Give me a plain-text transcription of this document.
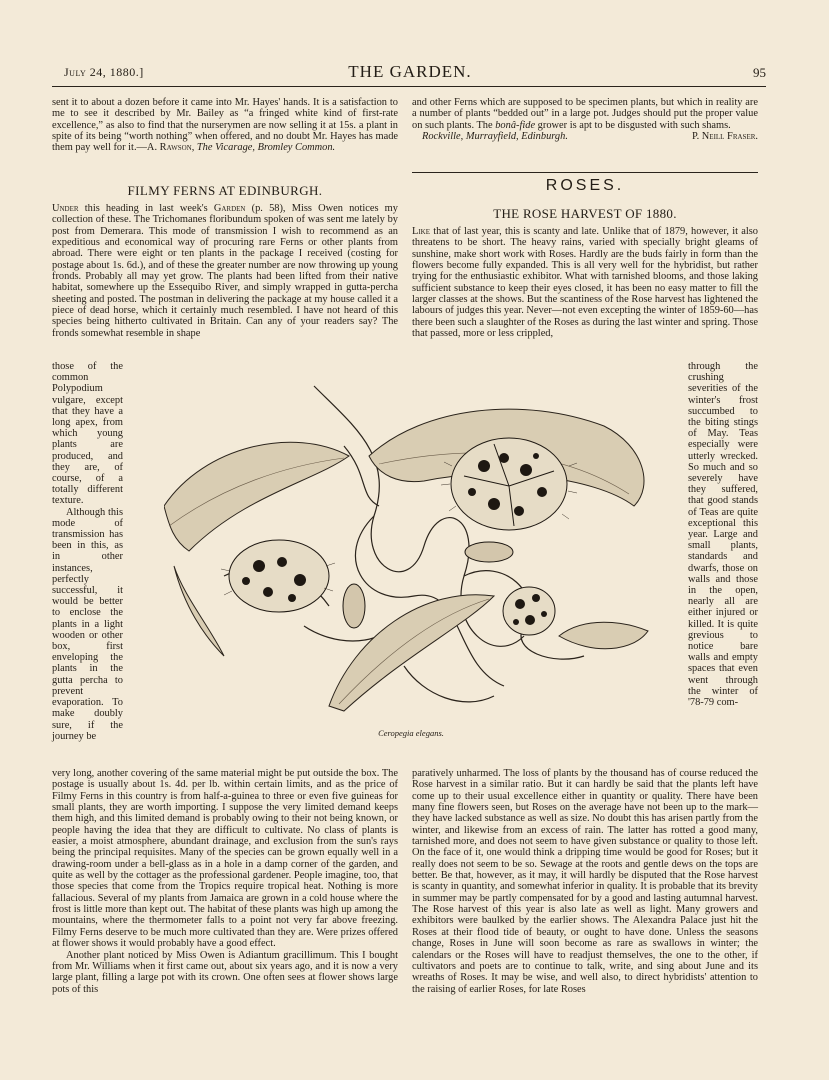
July 24, 1880.]	THE GARDEN.	95

sent it to about a dozen before it came into Mr. Hayes' hands. It is a satisfaction to me to see it described by Mr. Bailey as “a fringed white kind of first-rate excellence,” as also to find that the nurserymen are now selling it at 15s. a plant in spite of its being “worth nothing” when offered, and no doubt Mr. Hayes has made them pay well for it.—A. Rawson, The Vicarage, Bromley Common.

and other Ferns which are supposed to be specimen plants, but which in reality are a number of plants “bedded out” in a large pot. Judges should put the proper value on such plants. The bonâ-fide grower is apt to be disgusted with such shams.

Rockville, Murrayfield, Edinburgh.	P. Neill Fraser.

FILMY FERNS AT EDINBURGH.	ROSES.
THE ROSE HARVEST OF 1880.

Under this heading in last week's Garden (p. 58), Miss Owen notices my collection of these. The Trichomanes floribundum spoken of was sent me lately by post from Demerara. This mode of transmission I wish to recommend as an expeditious and economical way of procuring rare Ferns or other plants from abroad. There were eight or ten plants in the package I received (costing for postage about 1s. 6d.), and of these the greater number are now throwing up young fronds. Probably all may yet grow. The plants had been lifted from their native habitat, somewhere up the Essequibo River, and simply wrapped in gutta-percha sheeting and posted. The postman in delivering the package at my house called it a piece of dead horse, which it certainly much resembled. I have not heard of this species being hitherto cultivated in Britain. Can any of your readers say? The fronds somewhat resemble in shape

those of the common Polypodium vulgare, except that they have a long apex, from which young plants are produced, and they are, of course, of a totally different texture.

Although this mode of transmission has been in this, as in other instances, perfectly successful, it would be better to enclose the plants in a light wooden or other box, first enveloping the plants in the gutta percha to prevent evaporation. To make doubly sure, if the journey be

very long, another covering of the same material might be put outside the box. The postage is usually about 1s. 4d. per lb. within certain limits, and as the price of Filmy Ferns in this country is from half-a-guinea to three or even five guineas for small plants, they are worth importing. I suppose the very limited demand keeps them high, and this limited demand is probably owing to their not being known, or people having the idea that they are difficult to cultivate. No class of plants is easier, a moist atmosphere, abundant drainage, and exclusion from the sun's rays being the principal requisites. Many of the species can be grown equally well in a drawing-room under a bell-glass as in a hole in a damp corner of the garden, and quite as well by the cottager as the professional gardener. People imagine, too, that those species that come from the Tropics require tropical heat. Nothing is more fallacious. Several of my plants from Jamaica are grown in a cold house where the frost is little more than kept out. The habitat of these plants was high up among the mountains, where the thermometer falls to a point not very far above freezing. Filmy Ferns deserve to be much more cultivated than they are. Were prizes offered at flower shows it would probably have a good effect.

Another plant noticed by Miss Owen is Adiantum gracillimum. This I bought from Mr. Williams when it first came out, about six years ago, and it is now a very large plant, filling a large pot with its crown. One often sees at flower shows large pots of this

Like that of last year, this is scanty and late. Unlike that of 1879, however, it also threatens to be short. The heavy rains, varied with specially bright gleams of sunshine, make short work with Roses. Hardly are the buds fairly in form than the flowers become fully expanded. This is all very well for the hybridist, but rather trying for the enthusiastic exhibitor. What with tarnished blooms, and those laking sufficient substance to keep their eyes closed, it has been no easy matter to fill the larger classes at the shows. But the scantiness of the Rose harvest has lightened the labours of judges this year. Never—not even excepting the winter of 1859-60—has there been such a slaughter of the Roses as during the last winter and spring. Those that passed, more or less crippled,

through the crushing severities of the winter's frost succumbed to the biting stings of May. Teas especially were utterly wrecked. So much and so severely have they suffered, that good stands of Teas are quite exceptional this year. Large and small plants, standards and dwarfs, those on walls and those in the open, nearly all are either injured or killed. It is quite grevious to notice bare walls and empty spaces that even went through the winter of '78-79 com-

paratively unharmed. The loss of plants by the thousand has of course reduced the Rose harvest in a similar ratio. But it can hardly be said that the plants left have come up to their usual excellence either in quantity or quality. There have been many fine flowers seen, but Roses on the average have not been up to the mark—they have lacked substance as well as size. No doubt this has arisen partly from the winter, and likewise from an excess of rain. The latter has rotted a good many, tarnished more, and does not seem to have given substance or quality to those left. On the face of it, one would think a dripping time would be good for Roses; but it really does not seem to be so. Sewage at the roots and gentle dews on the tops are better. Be that, however, as it may, it will hardly be disputed that the Rose harvest is scanty in quantity, and somewhat inferior in quality. It is probable that its brevity in summer may be partly compensated for by a good and lasting autumnal harvest. The Rose harvest of this year is also late as well as light. Many growers and exhibitors were baulked by the earlier shows. The Alexandra Palace just hit the Roses at their flood tide of beauty, or ought to have done. Unless the seasons change, Roses in June will soon become as rare as swallows in winter; the calendars or the Roses will have to readjust themselves, the one to the other, if cultivators and poets are to continue to talk, write, and sing about June and its wreaths of Roses. It may be wise, and well also, to direct hybridists' attention to the raising of earlier Roses, for late Roses

Ceropegia elegans.
